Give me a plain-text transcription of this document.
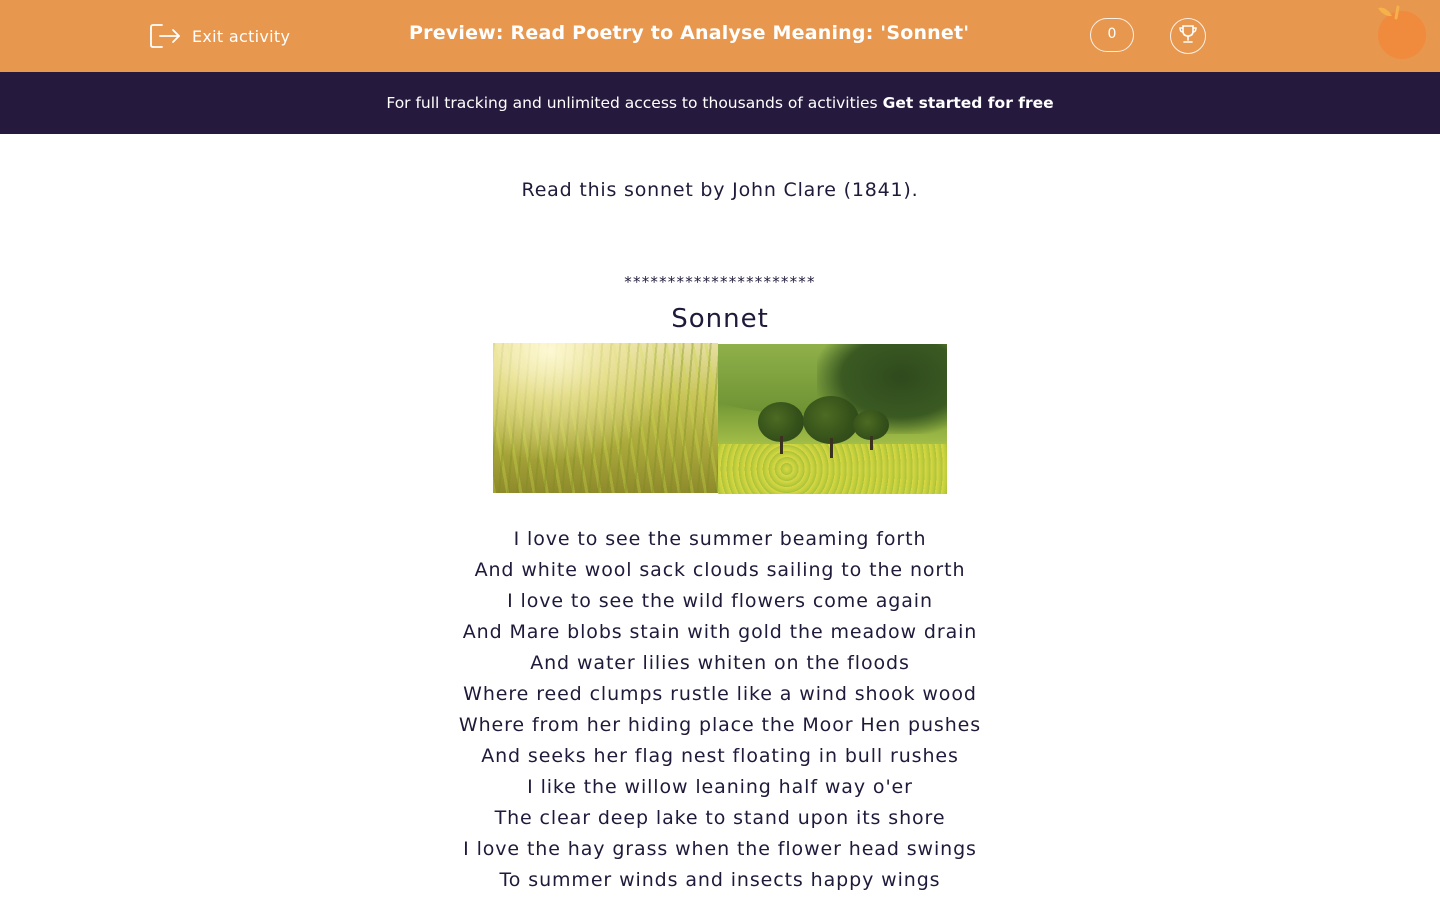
Exit activity	Preview: Read Poetry to Analyse Meaning: 'Sonnet'	0
For full tracking and unlimited access to thousands of activities Get started for free
Read this sonnet by John Clare (1841).
**********************
Sonnet
I love to see the summer beaming forth
And white wool sack clouds sailing to the north
I love to see the wild flowers come again
And Mare blobs stain with gold the meadow drain
And water lilies whiten on the floods
Where reed clumps rustle like a wind shook wood
Where from her hiding place the Moor Hen pushes
And seeks her flag nest floating in bull rushes
I like the willow leaning half way o'er
The clear deep lake to stand upon its shore
I love the hay grass when the flower head swings
To summer winds and insects happy wings
